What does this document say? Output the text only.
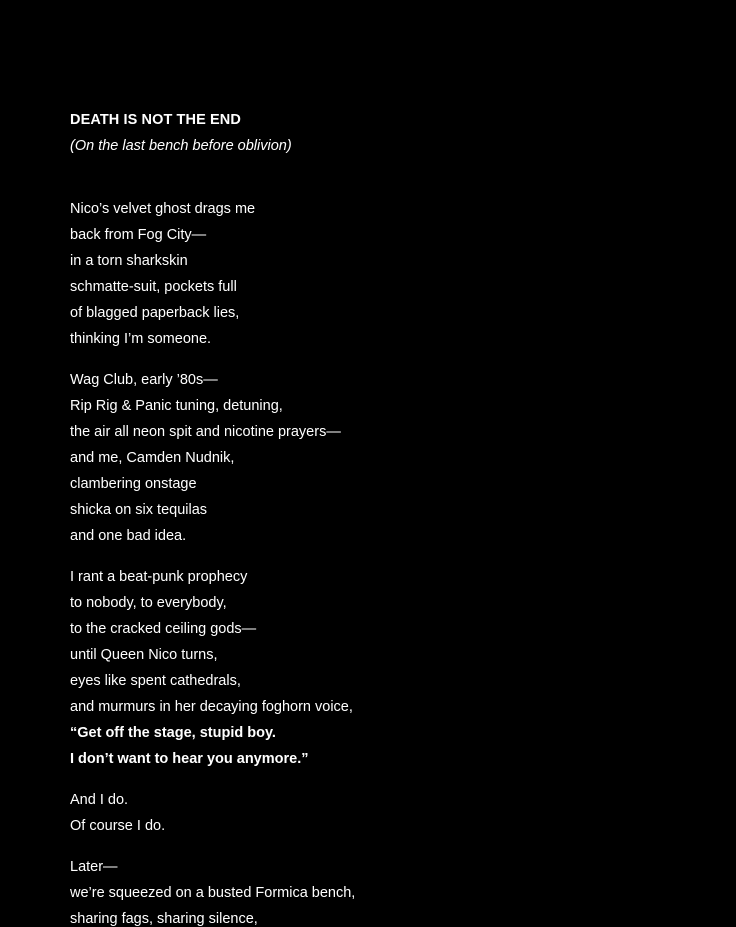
DEATH IS NOT THE END

(On the last bench before oblivion)

Nico’s velvet ghost drags me
back from Fog City—
in a torn sharkskin
schmatte-suit, pockets full
of blagged paperback lies,
thinking I’m someone.
Wag Club, early ’80s—
Rip Rig & Panic tuning, detuning,
the air all neon spit and nicotine prayers—
and me, Camden Nudnik,
clambering onstage
shicka on six tequilas
and one bad idea.
I rant a beat-punk prophecy
to nobody, to everybody,
to the cracked ceiling gods—
until Queen Nico turns,
eyes like spent cathedrals,
and murmurs in her decaying foghorn voice,
“Get off the stage, stupid boy.
I don’t want to hear you anymore.”
And I do.
Of course I do.
Later—
we’re squeezed on a busted Formica bench,
sharing fags, sharing silence,
